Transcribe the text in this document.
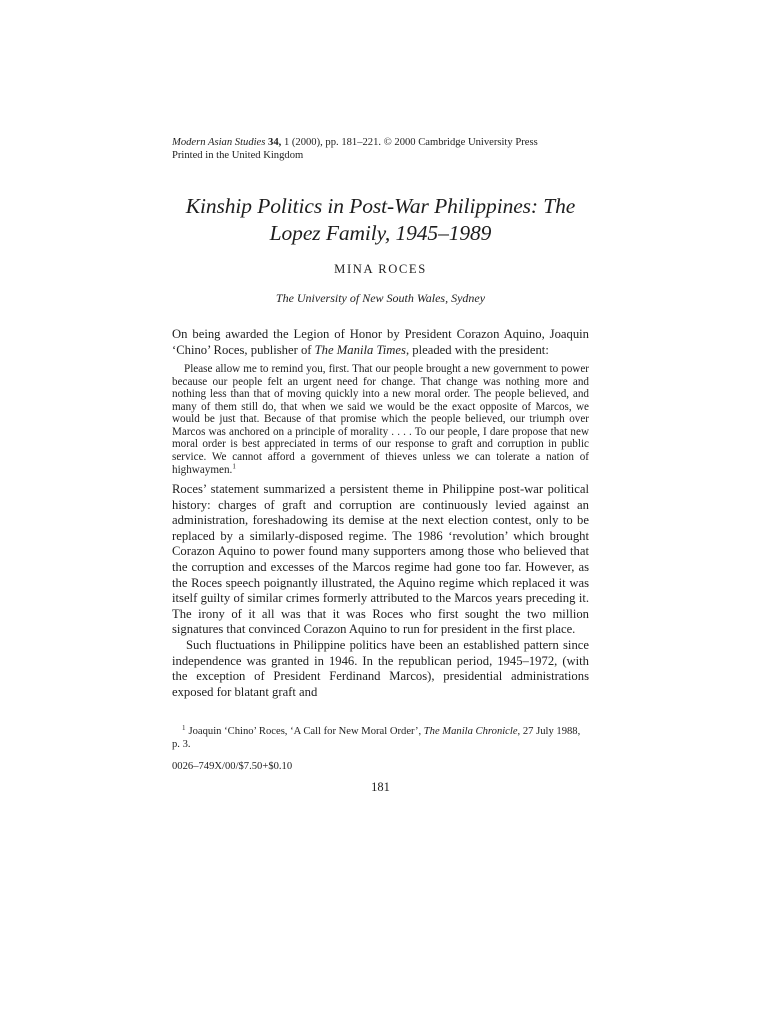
Modern Asian Studies 34, 1 (2000), pp. 181–221. © 2000 Cambridge University Press
Printed in the United Kingdom
Kinship Politics in Post-War Philippines: The
Lopez Family, 1945–1989
MINA ROCES
The University of New South Wales, Sydney
On being awarded the Legion of Honor by President Corazon Aquino, Joaquin ‘Chino’ Roces, publisher of The Manila Times, pleaded with the president:
Please allow me to remind you, first. That our people brought a new government to power because our people felt an urgent need for change. That change was nothing more and nothing less than that of moving quickly into a new moral order. The people believed, and many of them still do, that when we said we would be the exact opposite of Marcos, we would be just that. Because of that promise which the people believed, our triumph over Marcos was anchored on a principle of morality . . . . To our people, I dare propose that new moral order is best appreciated in terms of our response to graft and corruption in public service. We cannot afford a government of thieves unless we can tolerate a nation of highwaymen.$^1$
Roces’ statement summarized a persistent theme in Philippine post-war political history: charges of graft and corruption are continuously levied against an administration, foreshadowing its demise at the next election contest, only to be replaced by a similarly-disposed regime. The 1986 ‘revolution’ which brought Corazon Aquino to power found many supporters among those who believed that the corruption and excesses of the Marcos regime had gone too far. However, as the Roces speech poignantly illustrated, the Aquino regime which replaced it was itself guilty of similar crimes formerly attributed to the Marcos years preceding it. The irony of it all was that it was Roces who first sought the two million signatures that convinced Corazon Aquino to run for president in the first place.
Such fluctuations in Philippine politics have been an established pattern since independence was granted in 1946. In the republican period, 1945–1972, (with the exception of President Ferdinand Marcos), presidential administrations exposed for blatant graft and
$^1$ Joaquin ‘Chino’ Roces, ‘A Call for New Moral Order’, The Manila Chronicle, 27 July 1988, p. 3.
0026–749X/00/$7.50+$0.10
181
